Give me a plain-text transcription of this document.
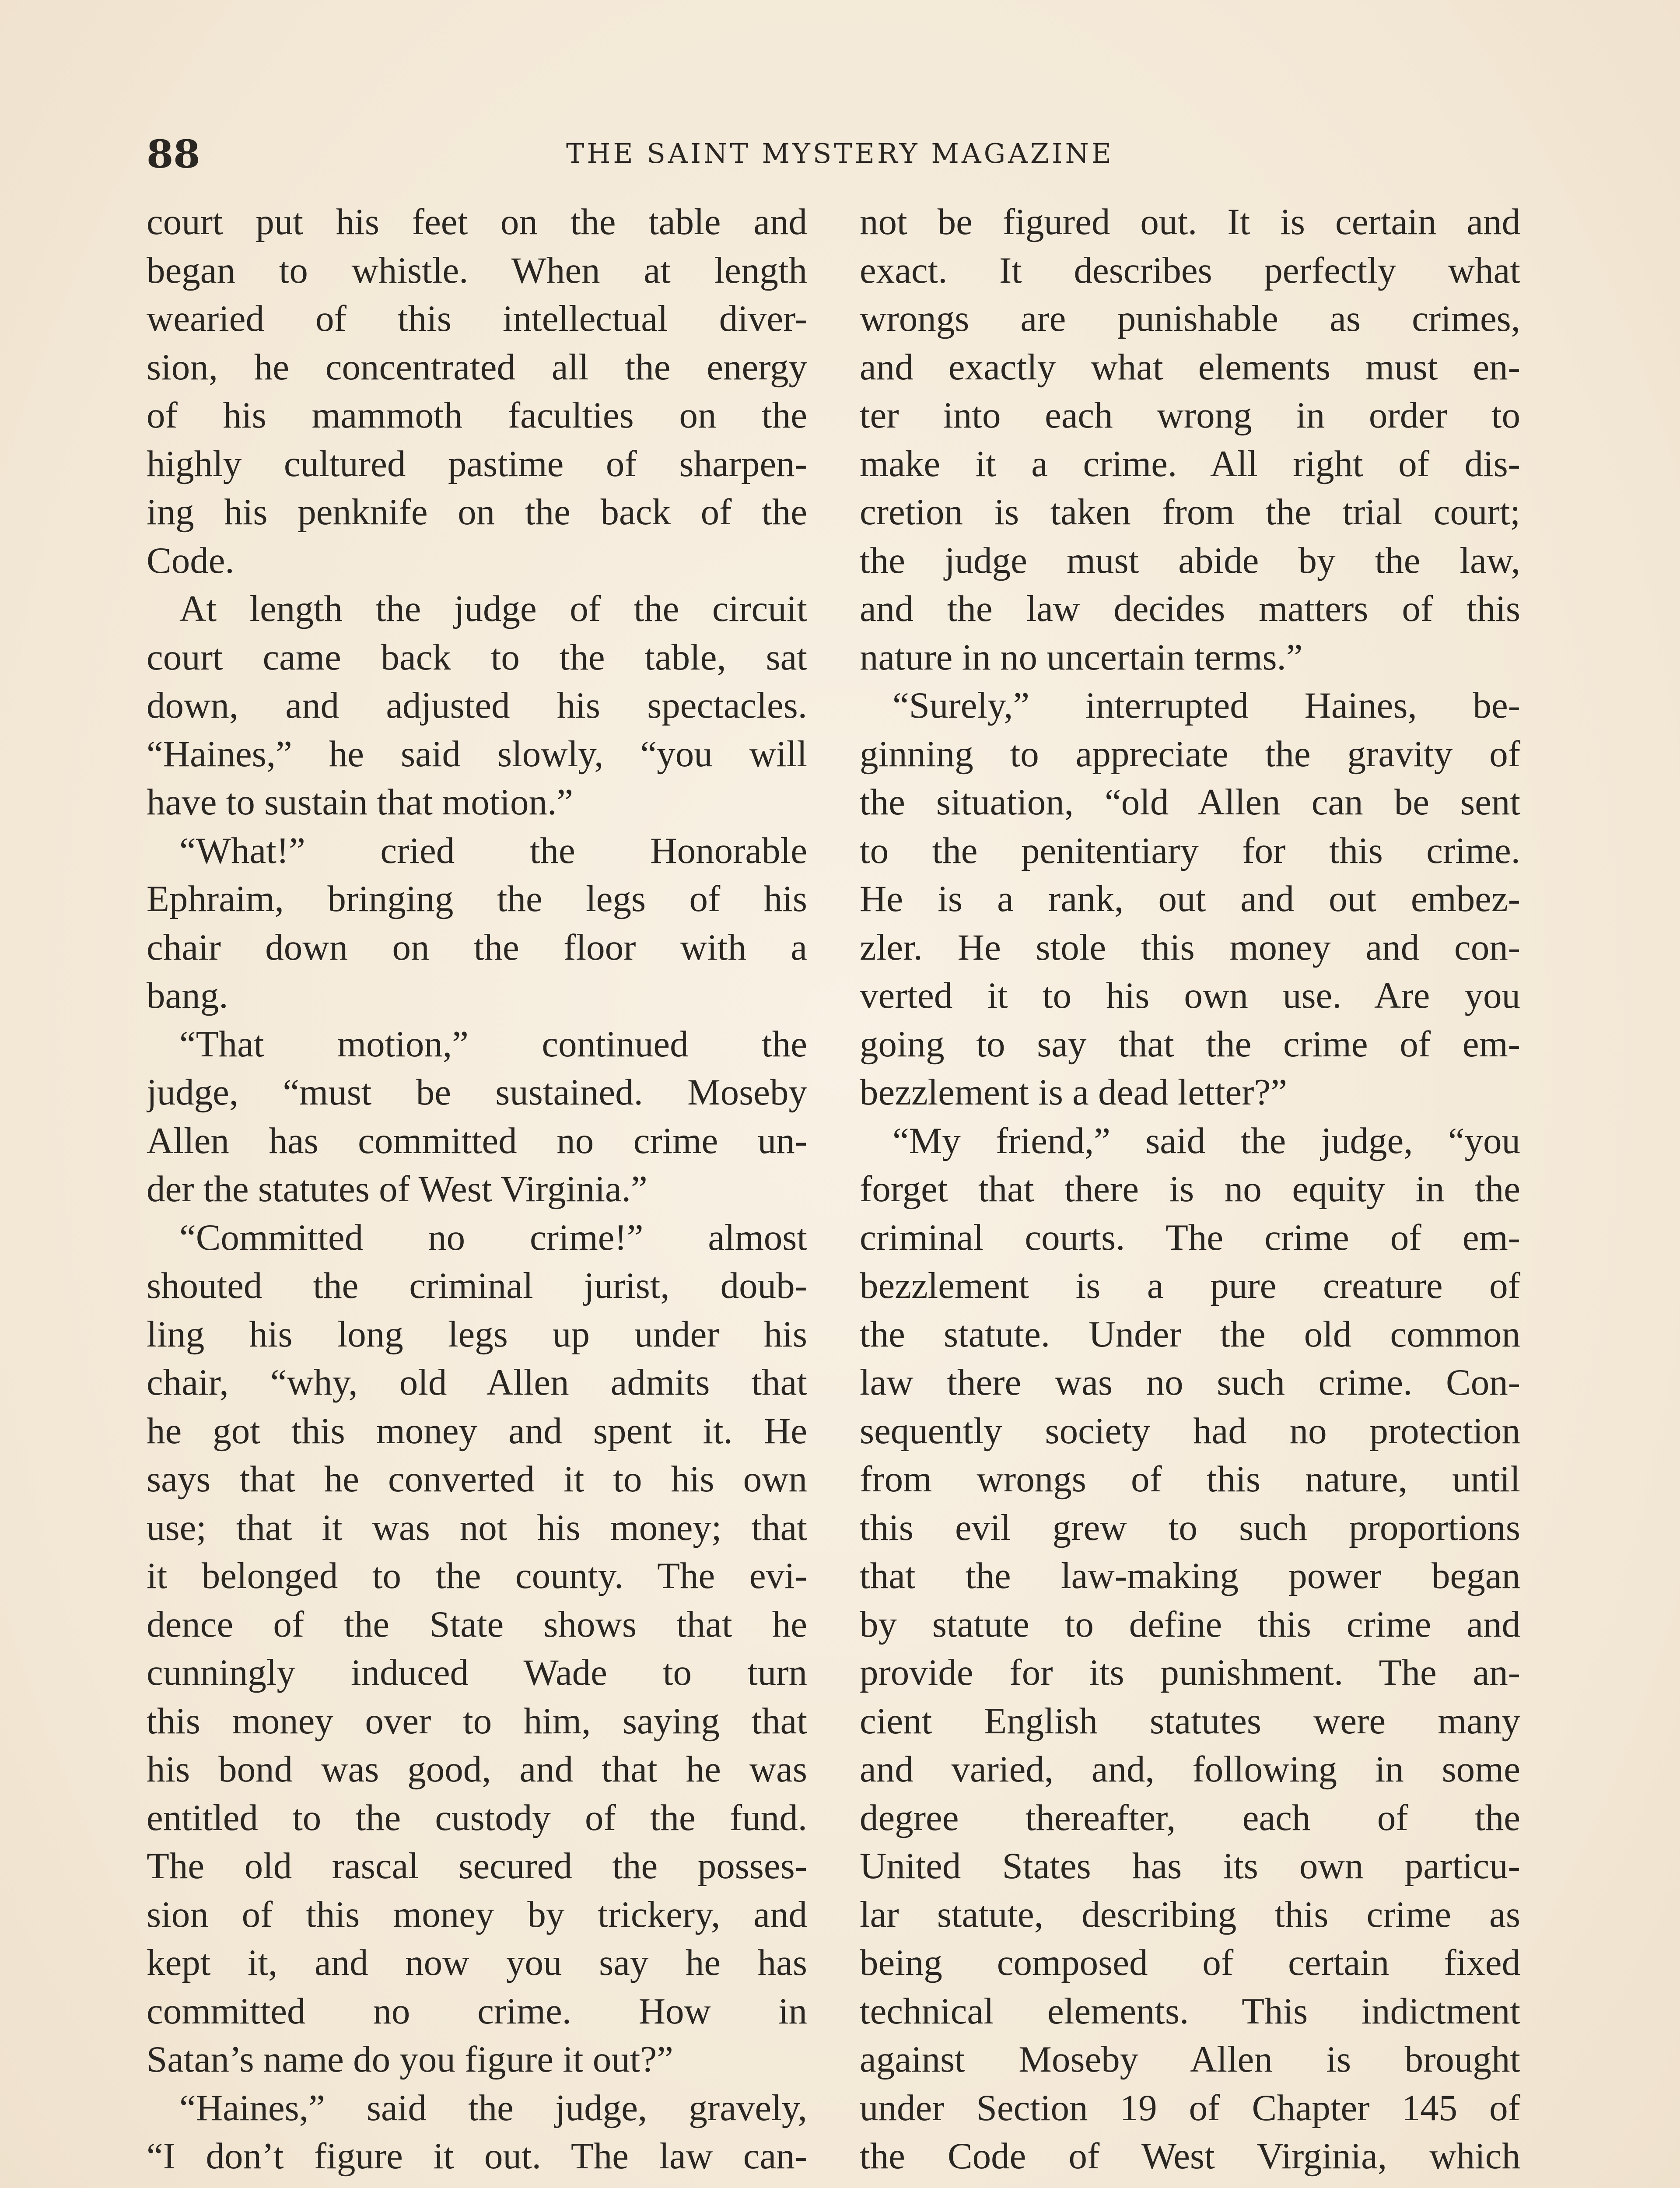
88	THE SAINT MYSTERY MAGAZINE
court put his feet on the table and
began to whistle. When at length
wearied of this intellectual diver-
sion, he concentrated all the energy
of his mammoth faculties on the
highly cultured pastime of sharpen-
ing his penknife on the back of the
Code.
At length the judge of the circuit
court came back to the table, sat
down, and adjusted his spectacles.
“Haines,” he said slowly, “you will
have to sustain that motion.”
“What!” cried the Honorable
Ephraim, bringing the legs of his
chair down on the floor with a
bang.
“That motion,” continued the
judge, “must be sustained. Moseby
Allen has committed no crime un-
der the statutes of West Virginia.”
“Committed no crime!” almost
shouted the criminal jurist, doub-
ling his long legs up under his
chair, “why, old Allen admits that
he got this money and spent it. He
says that he converted it to his own
use; that it was not his money; that
it belonged to the county. The evi-
dence of the State shows that he
cunningly induced Wade to turn
this money over to him, saying that
his bond was good, and that he was
entitled to the custody of the fund.
The old rascal secured the posses-
sion of this money by trickery, and
kept it, and now you say he has
committed no crime. How in
Satan’s name do you figure it out?”
“Haines,” said the judge, gravely,
“I don’t figure it out. The law can-
not be figured out. It is certain and
exact. It describes perfectly what
wrongs are punishable as crimes,
and exactly what elements must en-
ter into each wrong in order to
make it a crime. All right of dis-
cretion is taken from the trial court;
the judge must abide by the law,
and the law decides matters of this
nature in no uncertain terms.”
“Surely,” interrupted Haines, be-
ginning to appreciate the gravity of
the situation, “old Allen can be sent
to the penitentiary for this crime.
He is a rank, out and out embez-
zler. He stole this money and con-
verted it to his own use. Are you
going to say that the crime of em-
bezzlement is a dead letter?”
“My friend,” said the judge, “you
forget that there is no equity in the
criminal courts. The crime of em-
bezzlement is a pure creature of
the statute. Under the old common
law there was no such crime. Con-
sequently society had no protection
from wrongs of this nature, until
this evil grew to such proportions
that the law-making power began
by statute to define this crime and
provide for its punishment. The an-
cient English statutes were many
and varied, and, following in some
degree thereafter, each of the
United States has its own particu-
lar statute, describing this crime as
being composed of certain fixed
technical elements. This indictment
against Moseby Allen is brought
under Section 19 of Chapter 145 of
the Code of West Virginia, which
